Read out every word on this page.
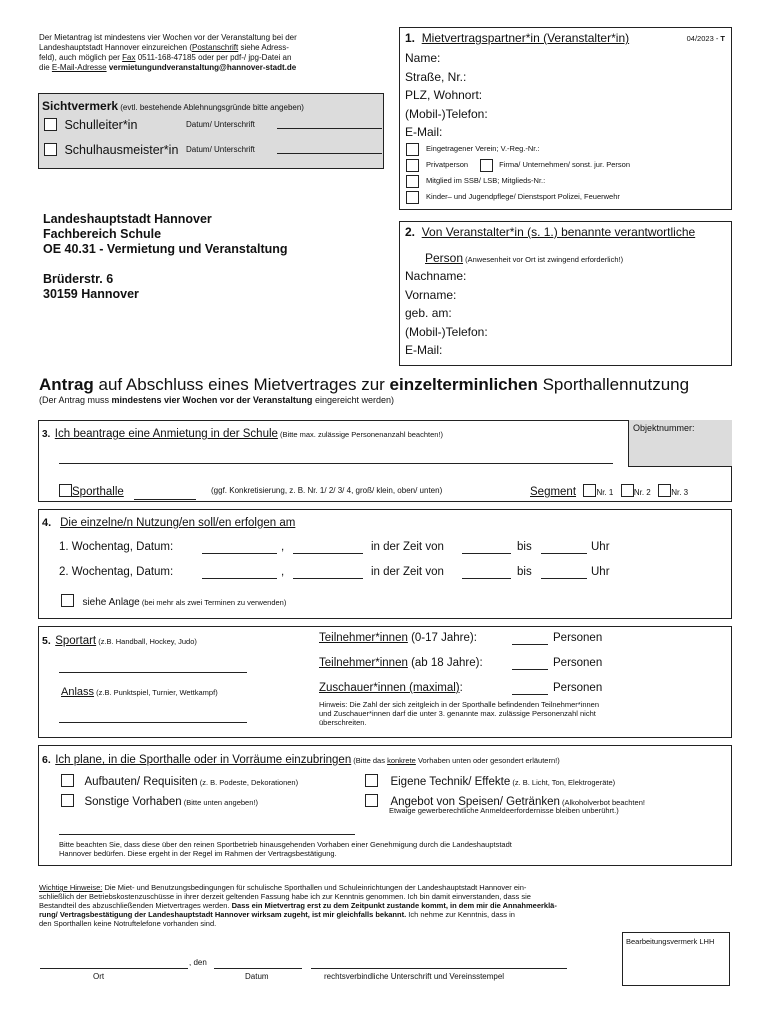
Der Mietantrag ist mindestens vier Wochen vor der Veranstaltung bei der
Landeshauptstadt Hannover einzureichen (Postanschrift siehe Adress-
feld), auch möglich per Fax 0511-168-47185 oder per pdf-/ jpg-Datei an
die E-Mail-Adresse vermietungundveranstaltung@hannover-stadt.de
Sichtvermerk (evtl. bestehende Ablehnungsgründe bitte angeben)
Schulleiter*in	Datum/ Unterschrift
Schulhausmeister*in Datum/ Unterschrift
Landeshauptstadt Hannover
Fachbereich Schule
OE 40.31 - Vermietung und Veranstaltung
Brüderstr. 6
30159 Hannover
1. Mietvertragspartner*in (Veranstalter*in)	04/2023 - T
Name:
Straße, Nr.:
PLZ, Wohnort:
(Mobil-)Telefon:
E-Mail:
Eingetragener Verein; V.-Reg.-Nr.:
Privatperson	Firma/ Unternehmen/ sonst. jur. Person
Mitglied im SSB/ LSB; Mitglieds-Nr.:
Kinder– und Jugendpflege/ Dienstsport Polizei, Feuerwehr
2. Von Veranstalter*in (s. 1.) benannte verantwortliche
Person (Anwesenheit vor Ort ist zwingend erforderlich!)
Nachname:
Vorname:
geb. am:
(Mobil-)Telefon:
E-Mail:
Antrag auf Abschluss eines Mietvertrages zur einzelterminlichen Sporthallennutzung
(Der Antrag muss mindestens vier Wochen vor der Veranstaltung eingereicht werden)
3. Ich beantrage eine Anmietung in der Schule (Bitte max. zulässige Personenanzahl beachten!)
Objektnummer:
Sporthalle	(ggf. Konkretisierung, z. B. Nr. 1/ 2/ 3/ 4, groß/ klein, oben/ unten)	Segment	Nr. 1	Nr. 2	Nr. 3
4. Die einzelne/n Nutzung/en soll/en erfolgen am
1. Wochentag, Datum:	,	in der Zeit von	bis	Uhr
2. Wochentag, Datum:	,	in der Zeit von	bis	Uhr
siehe Anlage (bei mehr als zwei Terminen zu verwenden)
5. Sportart (z.B. Handball, Hockey, Judo)
Anlass (z.B. Punktspiel, Turnier, Wettkampf)
Teilnehmer*innen (0-17 Jahre):	Personen
Teilnehmer*innen (ab 18 Jahre):	Personen
Zuschauer*innen (maximal):	Personen
Hinweis: Die Zahl der sich zeitgleich in der Sporthalle befindenden Teilnehmer*innen
und Zuschauer*innen darf die unter 3. genannte max. zulässige Personenzahl nicht
überschreiten.
6. Ich plane, in die Sporthalle oder in Vorräume einzubringen (Bitte das konkrete Vorhaben unten oder gesondert erläutern!)
Aufbauten/ Requisiten (z. B. Podeste, Dekorationen)
Sonstige Vorhaben (Bitte unten angeben!)
Eigene Technik/ Effekte (z. B. Licht, Ton, Elektrogeräte)
Angebot von Speisen/ Getränken (Alkoholverbot beachten!
Etwaige gewerberechtliche Anmeldeerfordernisse bleiben unberührt.)
Bitte beachten Sie, dass diese über den reinen Sportbetrieb hinausgehenden Vorhaben einer Genehmigung durch die Landeshauptstadt
Hannover bedürfen. Diese ergeht in der Regel im Rahmen der Vertragsbestätigung.
Wichtige Hinweise: Die Miet- und Benutzungsbedingungen für schulische Sporthallen und Schuleinrichtungen der Landeshauptstadt Hannover ein-
schließlich der Betriebskostenzuschüsse in ihrer derzeit geltenden Fassung habe ich zur Kenntnis genommen. Ich bin damit einverstanden, dass sie
Bestandteil des abzuschließenden Mietvertrages werden. Dass ein Mietvertrag erst zu dem Zeitpunkt zustande kommt, in dem mir die Annahmeerklä-
rung/ Vertragsbestätigung der Landeshauptstadt Hannover wirksam zugeht, ist mir gleichfalls bekannt. Ich nehme zur Kenntnis, dass in
den Sporthallen keine Notruftelefone vorhanden sind.
, den
Ort	Datum	rechtsverbindliche Unterschrift und Vereinsstempel
Bearbeitungsvermerk LHH
